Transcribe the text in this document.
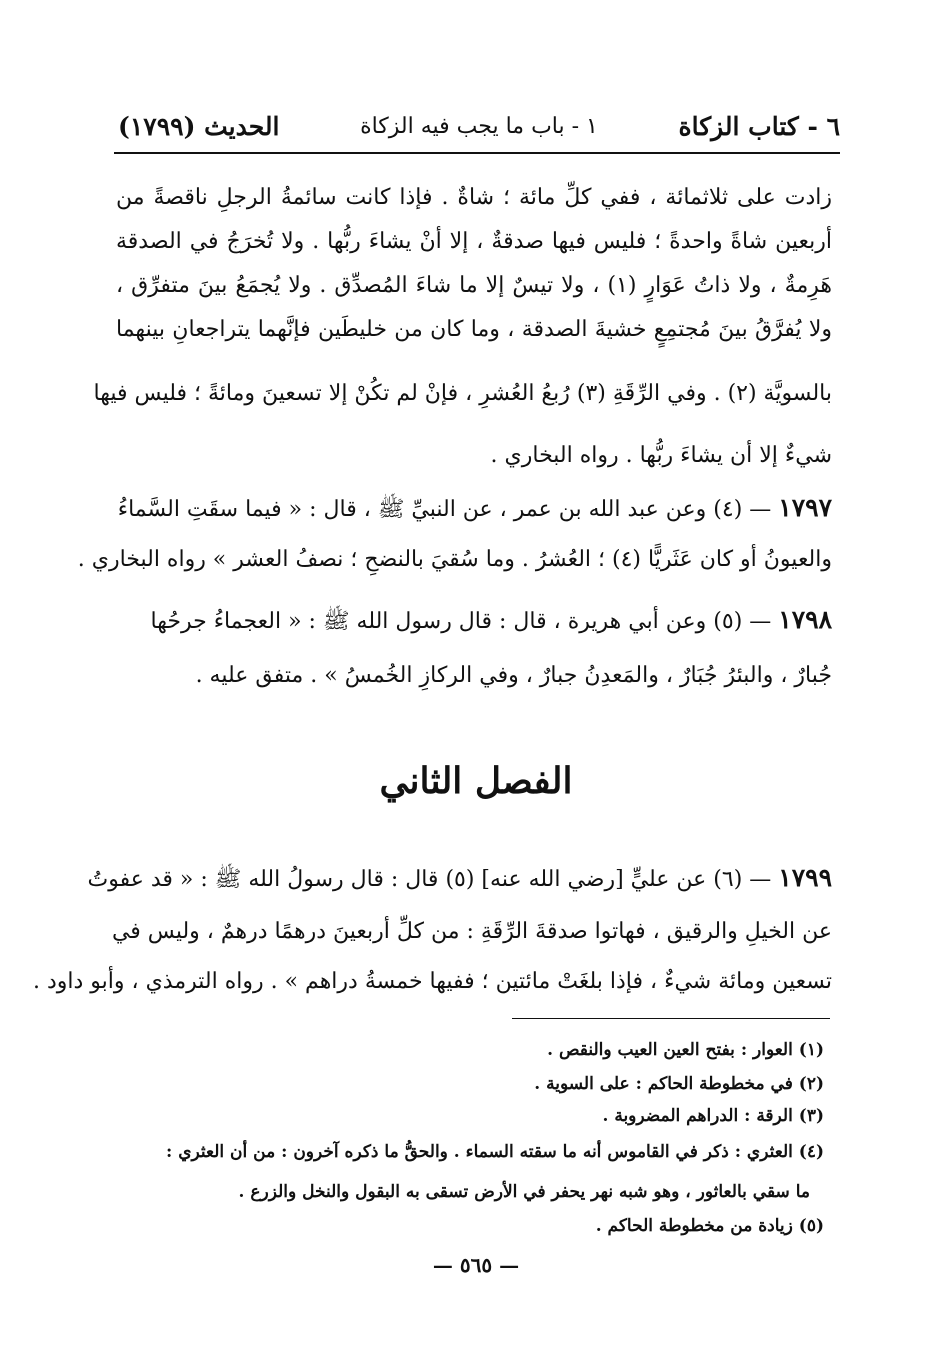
٦ - كتاب الزكاة
١ - باب ما يجب فيه الزكاة
الحديث (١٧٩٩)
زادت على ثلاثمائة ، ففي كلِّ مائة ؛ شاةٌ . فإذا كانت سائمةُ الرجلِ ناقصةً من
أربعين شاةً واحدةً ؛ فليس فيها صدقةٌ ، إلا أنْ يشاءَ ربُّها . ولا تُخرَجُ في الصدقة
هَرِمةٌ ، ولا ذاتُ عَوَارٍ (١) ، ولا تيسٌ إلا ما شاءَ المُصدِّق . ولا يُجمَعُ بينَ متفرِّق ،
ولا يُفرَّقُ بينَ مُجتمِعٍ خشيةَ الصدقة ، وما كان من خليطَين فإنَّهما يتراجعانِ بينهما
بالسويَّة (٢) . وفي الرِّقَةِ (٣) رُبعُ العُشرِ ، فإنْ لم تكُنْ إلا تسعينَ ومائةً ؛ فليس فيها
شيءٌ إلا أن يشاءَ ربُّها . رواه البخاري .
١٧٩٧ — (٤) وعن عبد الله بن عمر ، عن النبيِّ ﷺ ، قال : « فيما سقَتِ السَّماءُ
والعيونُ أو كان عَثَريًّا (٤) ؛ العُشرُ . وما سُقيَ بالنضحِ ؛ نصفُ العشر » رواه البخاري .
١٧٩٨ — (٥) وعن أبي هريرة ، قال : قال رسول الله ﷺ : « العجماءُ جرحُها
جُبارٌ ، والبئرُ جُبَارٌ ، والمَعدِنُ جبارٌ ، وفي الركازِ الخُمسُ » . متفق عليه .
الفصل الثاني
١٧٩٩ — (٦) عن عليٍّ [رضي الله عنه] (٥) قال : قال رسولُ الله ﷺ : « قد عفوتُ
عن الخيلِ والرقيق ، فهاتوا صدقةَ الرِّقَةِ : من كلِّ أربعينَ درهمًا درهمٌ ، وليس في
تسعين ومائة شيءٌ ، فإذا بلغَتْ مائتين ؛ ففيها خمسةُ دراهم » . رواه الترمذي ، وأبو داود .
(١) العوار : بفتح العين العيب والنقص .
(٢) في مخطوطة الحاكم : على السوية .
(٣) الرقة : الدراهم المضروبة .
(٤) العثري : ذكر في القاموس أنه ما سقته السماء . والحقُّ ما ذكره آخرون : من أن العثري :
ما سقي بالعاثور ، وهو شبه نهر يحفر في الأرض تسقى به البقول والنخل والزرع .
(٥) زيادة من مخطوطة الحاكم .
— ٥٦٥ —
